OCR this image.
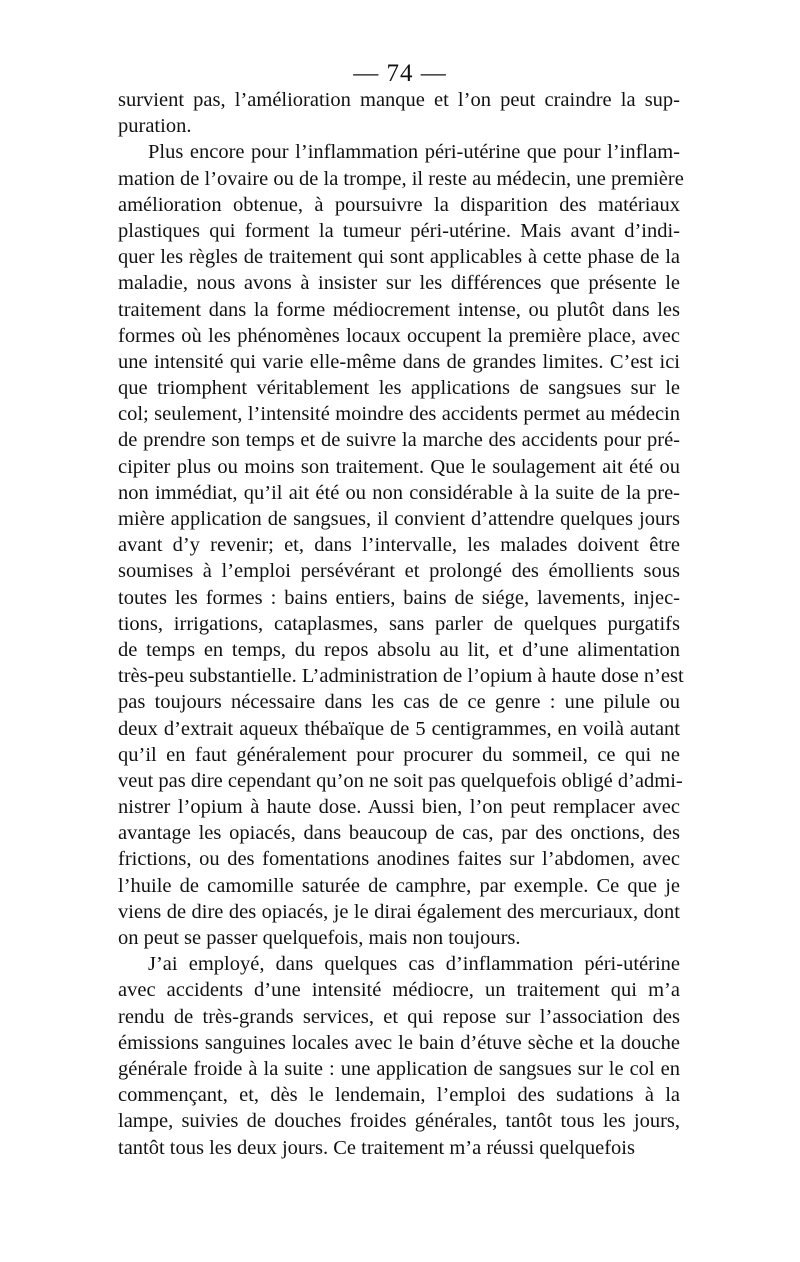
— 74 —
survient pas, l’amélioration manque et l’on peut craindre la sup-
puration.
Plus encore pour l’inflammation péri-utérine que pour l’inflam-
mation de l’ovaire ou de la trompe, il reste au médecin, une première
amélioration obtenue, à poursuivre la disparition des matériaux
plastiques qui forment la tumeur péri-utérine. Mais avant d’indi-
quer les règles de traitement qui sont applicables à cette phase de la
maladie, nous avons à insister sur les différences que présente le
traitement dans la forme médiocrement intense, ou plutôt dans les
formes où les phénomènes locaux occupent la première place, avec
une intensité qui varie elle-même dans de grandes limites. C’est ici
que triomphent véritablement les applications de sangsues sur le
col; seulement, l’intensité moindre des accidents permet au médecin
de prendre son temps et de suivre la marche des accidents pour pré-
cipiter plus ou moins son traitement. Que le soulagement ait été ou
non immédiat, qu’il ait été ou non considérable à la suite de la pre-
mière application de sangsues, il convient d’attendre quelques jours
avant d’y revenir; et, dans l’intervalle, les malades doivent être
soumises à l’emploi persévérant et prolongé des émollients sous
toutes les formes : bains entiers, bains de siége, lavements, injec-
tions, irrigations, cataplasmes, sans parler de quelques purgatifs
de temps en temps, du repos absolu au lit, et d’une alimentation
très-peu substantielle. L’administration de l’opium à haute dose n’est
pas toujours nécessaire dans les cas de ce genre : une pilule ou
deux d’extrait aqueux thébaïque de 5 centigrammes, en voilà autant
qu’il en faut généralement pour procurer du sommeil, ce qui ne
veut pas dire cependant qu’on ne soit pas quelquefois obligé d’admi-
nistrer l’opium à haute dose. Aussi bien, l’on peut remplacer avec
avantage les opiacés, dans beaucoup de cas, par des onctions, des
frictions, ou des fomentations anodines faites sur l’abdomen, avec
l’huile de camomille saturée de camphre, par exemple. Ce que je
viens de dire des opiacés, je le dirai également des mercuriaux, dont
on peut se passer quelquefois, mais non toujours.
J’ai employé, dans quelques cas d’inflammation péri-utérine
avec accidents d’une intensité médiocre, un traitement qui m’a
rendu de très-grands services, et qui repose sur l’association des
émissions sanguines locales avec le bain d’étuve sèche et la douche
générale froide à la suite : une application de sangsues sur le col en
commençant, et, dès le lendemain, l’emploi des sudations à la
lampe, suivies de douches froides générales, tantôt tous les jours,
tantôt tous les deux jours. Ce traitement m’a réussi quelquefois
